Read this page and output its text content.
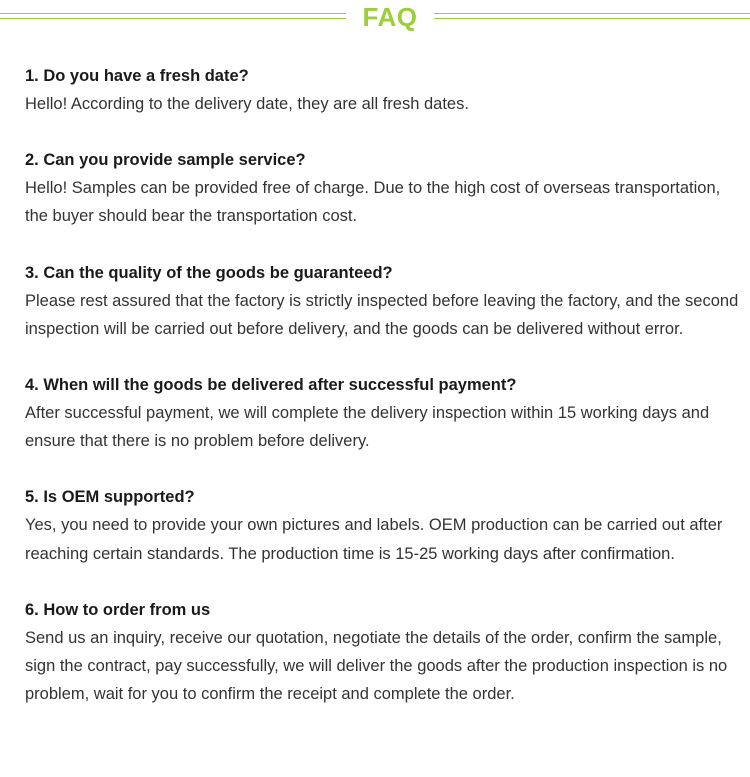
FAQ

1. Do you have a fresh date?

Hello! According to the delivery date, they are all fresh dates.

2. Can you provide sample service?

Hello! Samples can be provided free of charge. Due to the high cost of overseas transportation, the buyer should bear the transportation cost.

3. Can the quality of the goods be guaranteed?

Please rest assured that the factory is strictly inspected before leaving the factory, and the second inspection will be carried out before delivery, and the goods can be delivered without error.

4. When will the goods be delivered after successful payment?

After successful payment, we will complete the delivery inspection within 15 working days and ensure that there is no problem before delivery.

5. Is OEM supported?

Yes, you need to provide your own pictures and labels. OEM production can be carried out after reaching certain standards. The production time is 15-25 working days after confirmation.

6. How to order from us

Send us an inquiry, receive our quotation, negotiate the details of the order, confirm the sample, sign the contract, pay successfully, we will deliver the goods after the production inspection is no problem, wait for you to confirm the receipt and complete the order.
